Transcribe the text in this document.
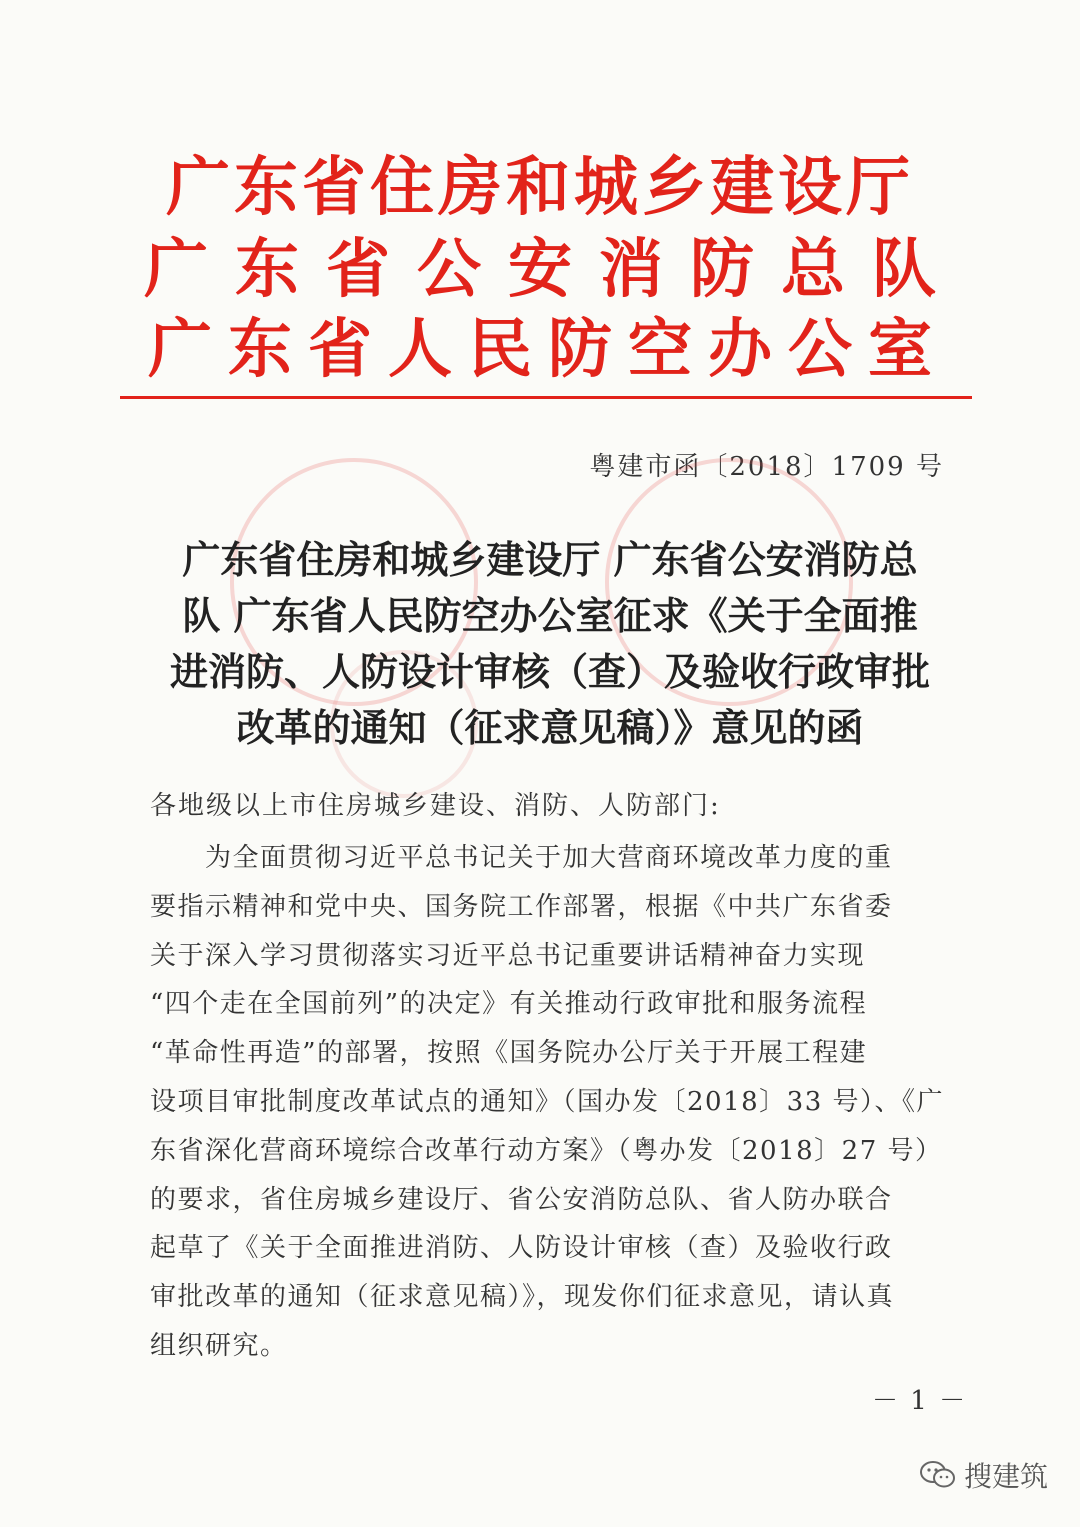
广东省住房和城乡建设厅
广东省公安消防总队
广东省人民防空办公室
粤建市函〔2018〕1709 号
广东省住房和城乡建设厅 广东省公安消防总
队 广东省人民防空办公室征求《关于全面推
进消防、人防设计审核（查）及验收行政审批
改革的通知（征求意见稿）》意见的函
各地级以上市住房城乡建设、消防、人防部门:
　　为全面贯彻习近平总书记关于加大营商环境改革力度的重
要指示精神和党中央、国务院工作部署，根据《中共广东省委
关于深入学习贯彻落实习近平总书记重要讲话精神奋力实现
“四个走在全国前列”的决定》有关推动行政审批和服务流程
“革命性再造”的部署，按照《国务院办公厅关于开展工程建
设项目审批制度改革试点的通知》（国办发〔2018〕33 号）、《广
东省深化营商环境综合改革行动方案》（粤办发〔2018〕27 号）
的要求，省住房城乡建设厅、省公安消防总队、省人防办联合
起草了《关于全面推进消防、人防设计审核（查）及验收行政
审批改革的通知（征求意见稿）》，现发你们征求意见，请认真
组织研究。
－ 1 －
搜建筑
